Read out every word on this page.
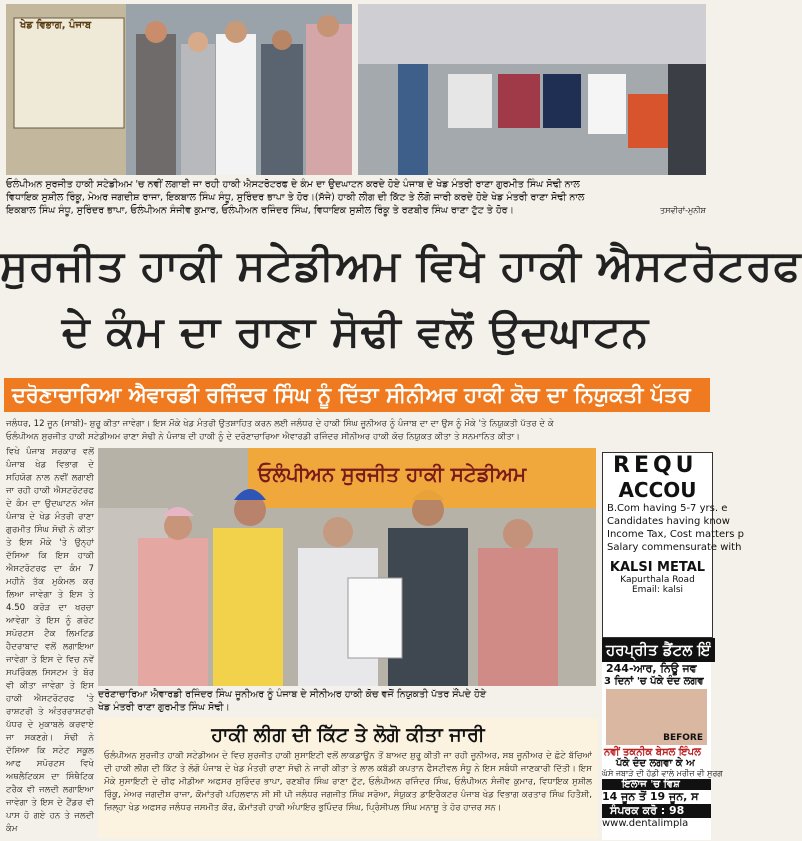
ਖੇਡ ਵਿਭਾਗ, ਪੰਜਾਬ
ਓਲੰਪੀਅਨ ਸੁਰਜੀਤ ਹਾਕੀ ਸਟੇਡੀਅਮ 'ਚ ਨਵੀਂ ਲਗਾਈ ਜਾ ਰਹੀ ਹਾਕੀ ਐਸਟਰੋਟਰਫ ਦੇ ਕੰਮ ਦਾ ਉਦਘਾਟਨ ਕਰਦੇ ਹੋਏ ਪੰਜਾਬ ਦੇ ਖੇਡ ਮੰਤਰੀ ਰਾਣਾ ਗੁਰਮੀਤ ਸਿੰਘ ਸੋਢੀ ਨਾਲ
ਵਿਧਾਇਕ ਸੁਸ਼ੀਲ ਰਿੰਕੂ, ਮੇਅਰ ਜਗਦੀਸ਼ ਰਾਜਾ, ਇਕਬਾਲ ਸਿੰਘ ਸੰਧੂ, ਸੁਰਿੰਦਰ ਭਾਪਾ ਤੇ ਹੋਰ।(ਸੱਜੇ) ਹਾਕੀ ਲੀਗ ਦੀ ਕਿੱਟ ਤੇ ਲੋਗੋ ਜਾਰੀ ਕਰਦੇ ਹੋਏ ਖੇਡ ਮੰਤਰੀ ਰਾਣਾ ਸੋਢੀ ਨਾਲ
ਇਕਬਾਲ ਸਿੰਘ ਸੰਧੂ, ਸੁਰਿੰਦਰ ਭਾਪਾ, ਓਲੰਪੀਅਨ ਸੰਜੀਵ ਕੁਮਾਰ, ਓਲੰਪੀਅਨ ਰਜਿੰਦਰ ਸਿੰਘ, ਵਿਧਾਇਕ ਸੁਸ਼ੀਲ ਰਿੰਕੂ ਤੇ ਰਣਬੀਰ ਸਿੰਘ ਰਾਣਾ ਟੁੱਟ ਤੇ ਹੋਰ।	ਤਸਵੀਰਾਂ-ਮੁਨੀਸ਼
ਸੁਰਜੀਤ ਹਾਕੀ ਸਟੇਡੀਅਮ ਵਿਖੇ ਹਾਕੀ ਐਸਟਰੋਟਰਫ
ਦੇ ਕੰਮ ਦਾ ਰਾਣਾ ਸੋਢੀ ਵਲੋਂ ਉਦਘਾਟਨ
ਦਰੋਣਾਚਾਰਿਆ ਐਵਾਰਡੀ ਰਜਿੰਦਰ ਸਿੰਘ ਨੂੰ ਦਿੱਤਾ ਸੀਨੀਅਰ ਹਾਕੀ ਕੋਚ ਦਾ ਨਿਯੁਕਤੀ ਪੱਤਰ
ਜਲੰਧਰ, 12 ਜੂਨ (ਸਾਬੀ)- ਸ਼ੁਰੂ ਕੀਤਾ ਜਾਵੇਗਾ। ਇਸ ਮੌਕੇ ਖੇਡ ਮੰਤਰੀ ਉਤਸ਼ਾਹਿਤ ਕਰਨ ਲਈ ਜਲੰਧਰ ਦੇ ਹਾਕੀ ਸਿੰਘ ਜੂਨੀਅਰ ਨੂੰ ਪੰਜਾਬ ਦਾ ਦਾ ਉਸ ਨੂੰ ਮੌਕੇ 'ਤੇ ਨਿਯੁਕਤੀ ਪੱਤਰ ਦੇ ਕੇ
ਓਲੰਪੀਅਨ ਸੁਰਜੀਤ ਹਾਕੀ ਸਟੇਡੀਅਮ ਰਾਣਾ ਸੋਢੀ ਨੇ ਪੰਜਾਬ ਦੀ ਹਾਕੀ ਨੂੰ ਦੇ ਦਰੋਣਾਚਾਰਿਆ ਐਵਾਰਡੀ ਰਜਿੰਦਰ ਸੀਨੀਅਰ ਹਾਕੀ ਕੋਚ ਨਿਯੁਕਤ ਕੀਤਾ ਤੇ ਸਨਮਾਨਿਤ ਕੀਤਾ।
ਵਿਖੇ ਪੰਜਾਬ ਸਰਕਾਰ ਵਲੋਂ ਪੰਜਾਬ ਖੇਡ ਵਿਭਾਗ ਦੇ ਸਹਿਯੋਗ ਨਾਲ ਨਵੀਂ ਲਗਾਈ ਜਾ ਰਹੀ ਹਾਕੀ ਐਸਟਰੋਟਰਫ ਦੇ ਕੰਮ ਦਾ ਉਦਘਾਟਨ ਅੱਜ ਪੰਜਾਬ ਦੇ ਖੇਡ ਮੰਤਰੀ ਰਾਣਾ ਗੁਰਮੀਤ ਸਿੰਘ ਸੋਢੀ ਨੇ ਕੀਤਾ ਤੇ ਇਸ ਮੌਕੇ 'ਤੇ ਉਨ੍ਹਾਂ ਦੱਸਿਆ ਕਿ ਇਸ ਹਾਕੀ ਐਸਟਰੋਟਰਫ ਦਾ ਕੰਮ 7 ਮਹੀਨੇ ਤੱਕ ਮੁਕੰਮਲ ਕਰ ਲਿਆ ਜਾਵੇਗਾ ਤੇ ਇਸ ਤੇ 4.50 ਕਰੋੜ ਦਾ ਖਰਚਾ ਆਵੇਗਾ ਤੇ ਇਸ ਨੂੰ ਗਰੇਟ ਸਪੋਰਟਸ ਟੈਕ ਲਿਮਟਿਡ ਹੈਦਰਾਬਾਦ ਵਲੋਂ ਲਗਾਇਆ ਜਾਵੇਗਾ ਤੇ ਇਸ ਦੇ ਵਿਚ ਨਵੇਂ ਸਪਰਿੰਕਲ ਸਿਸਟਮ ਤੇ ਬੋਰ ਵੀ ਕੀਤਾ ਜਾਵੇਗਾ ਤੇ ਇਸ ਹਾਕੀ ਐਸਟਰੋਟਰਫ 'ਤੇ ਰਾਸ਼ਟਰੀ ਤੇ ਅੰਤਰਰਾਸ਼ਟਰੀ ਪੱਧਰ ਦੇ ਮੁਕਾਬਲੇ ਕਰਵਾਏ ਜਾ ਸਕਣਗੇ। ਸੋਢੀ ਨੇ ਦੱਸਿਆ ਕਿ ਸਟੇਟ ਸਕੂਲ ਆਫ ਸਪੋਰਟਸ ਵਿਖੇ ਅਥਲੈਟਿਕਸ ਦਾ ਸਿੰਥੈਟਿਕ ਟਰੈਕ ਵੀ ਜਲਦੀ ਲਗਾਇਆ ਜਾਵੇਗਾ ਤੇ ਇਸ ਦੇ ਟੈਂਡਰ ਵੀ ਪਾਸ ਹੋ ਗਏ ਹਨ ਤੇ ਜਲਦੀ ਕੰਮ
ਓਲੰਪੀਅਨ ਸੁਰਜੀਤ ਹਾਕੀ ਸਟੇਡੀਅਮ
ਦਰੋਣਾਚਾਰਿਆ ਐਵਾਰਡੀ ਰਜਿੰਦਰ ਸਿੰਘ ਜੂਨੀਅਰ ਨੂੰ ਪੰਜਾਬ ਦੇ ਸੀਨੀਅਰ ਹਾਕੀ ਕੋਚ ਵਜੋਂ ਨਿਯੁਕਤੀ ਪੱਤਰ ਸੌਂਪਦੇ ਹੋਏ
ਖੇਡ ਮੰਤਰੀ ਰਾਣਾ ਗੁਰਮੀਤ ਸਿੰਘ ਸੋਢੀ।
ਹਾਕੀ ਲੀਗ ਦੀ ਕਿੱਟ ਤੇ ਲੋਗੋ ਕੀਤਾ ਜਾਰੀ
ਓਲੰਪੀਅਨ ਸੁਰਜੀਤ ਹਾਕੀ ਸਟੇਡੀਅਮ ਦੇ ਵਿਚ ਸੁਰਜੀਤ ਹਾਕੀ ਸੁਸਾਇਟੀ ਵਲੋਂ ਲਾਕਡਾਊਨ ਤੋਂ ਬਾਅਦ ਸ਼ੁਰੂ ਕੀਤੀ ਜਾ ਰਹੀ ਜੂਨੀਅਰ, ਸਬ ਜੂਨੀਅਰ ਦੇ ਛੋਟੇ ਬੱਚਿਆਂ ਦੀ ਹਾਕੀ ਲੀਗ ਦੀ ਕਿੱਟ ਤੇ ਲੋਗੋ ਪੰਜਾਬ ਦੇ ਖੇਡ ਮੰਤਰੀ ਰਾਣਾ ਸੋਢੀ ਨੇ ਜਾਰੀ ਕੀਤਾ ਤੇ ਲਾਲ ਕਬੱਡੀ ਕਪਤਾਨ ਫੈਸਟੀਵਲ ਸੰਧੂ ਨੇ ਇਸ ਸਬੰਧੀ ਜਾਣਕਾਰੀ ਦਿੱਤੀ। ਇਸ ਮੌਕੇ ਸੁਸਾਇਟੀ ਦੇ ਚੀਫ ਮੀਡੀਆ ਅਫਸਰ ਸੁਰਿੰਦਰ ਭਾਪਾ, ਰਣਬੀਰ ਸਿੰਘ ਰਾਣਾ ਟੁੱਟ, ਓਲੰਪੀਅਨ ਰਜਿੰਦਰ ਸਿੰਘ, ਓਲੰਪੀਅਨ ਸੰਜੀਵ ਕੁਮਾਰ, ਵਿਧਾਇਕ ਸੁਸ਼ੀਲ ਰਿੰਕੂ, ਮੇਅਰ ਜਗਦੀਸ਼ ਰਾਜਾ, ਕੌਮਾਂਤਰੀ ਪਹਿਲਵਾਨ ਸੀ ਸੀ ਪੀ ਜਲੰਧਰ ਜਗਜੀਤ ਸਿੰਘ ਸਰੋਆ, ਸੰਯੁਕਤ ਡਾਇਰੈਕਟਰ ਪੰਜਾਬ ਖੇਡ ਵਿਭਾਗ ਕਰਤਾਰ ਸਿੰਘ ਹਿਤੈਸ਼ੀ, ਜ਼ਿਲ੍ਹਾ ਖੇਡ ਅਫਸਰ ਜਲੰਧਰ ਜਸਮੀਤ ਕੌਰ, ਕੌਮਾਂਤਰੀ ਹਾਕੀ ਅੰਪਾਇਰ ਭੁਪਿੰਦਰ ਸਿੰਘ, ਪ੍ਰਿੰਸੀਪਲ ਸਿੰਘ ਮਨਾਸ਼ੂ ਤੇ ਹੋਰ ਹਾਜ਼ਰ ਸਨ।
REQU
ACCOU
B.Com having 5-7 yrs. e
Candidates having know
Income Tax, Cost matters p
Salary commensurate with
KALSI METAL
Kapurthala Road
Email: kalsi
ਹਰਪ੍ਰੀਤ ਡੈਂਟਲ ਇੰ
244-ਆਰ, ਨਿਊ ਜਵ
3 ਦਿਨਾਂ 'ਚ ਪੱਕੇ ਦੰਦ ਲਗਵ
BEFORE
ਨਵੀਂ ਤਕਨੀਕ ਬੇਸਲ ਇੰਪਲ
ਪੱਕੇ ਦੰਦ ਲਗਵਾ ਕੇ ਅ
ਘੱਸੇ ਜਬਾੜੇ ਦੀ ਹੱਡੀ ਵਾਲੇ ਮਰੀਜ਼ ਵੀ ਸੁਰਗ
ਇਲਾਜ 'ਚ ਵਿਸ਼
14 ਜੂਨ ਤੋਂ 19 ਜੂਨ, ਸ
ਸੰਪਰਕ ਕਰੋ : 98
www.dentalimpla
